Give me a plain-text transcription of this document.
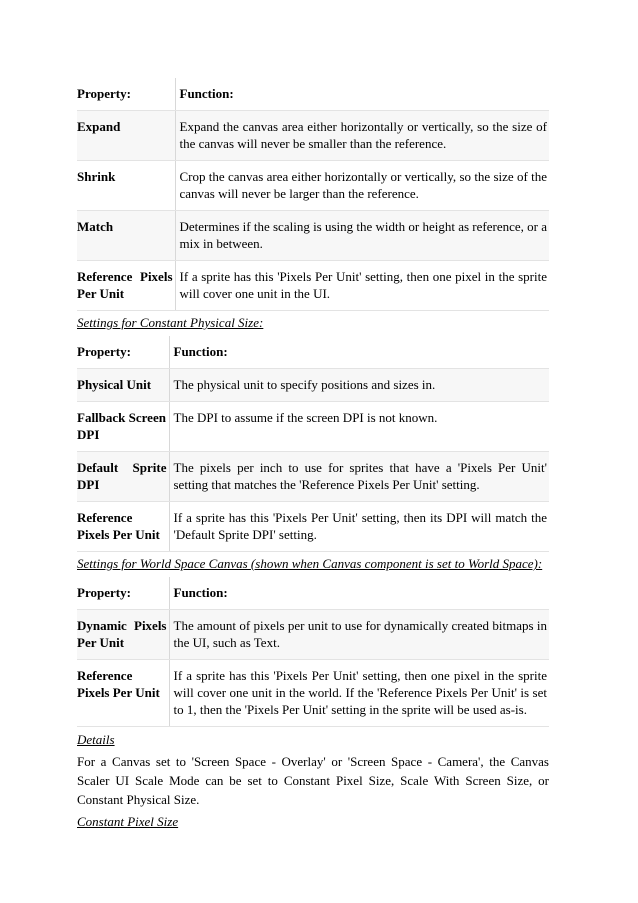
Property:	Function:
Expand	Expand the canvas area either horizontally or vertically, so the size of the canvas will never be smaller than the reference.
Shrink	Crop the canvas area either horizontally or vertically, so the size of the canvas will never be larger than the reference.
Match	Determines if the scaling is using the width or height as reference, or a mix in between.
Reference Pixels Per Unit	If a sprite has this 'Pixels Per Unit' setting, then one pixel in the sprite will cover one unit in the UI.
Settings for Constant Physical Size:
Property:	Function:
Physical Unit	The physical unit to specify positions and sizes in.
Fallback Screen DPI	The DPI to assume if the screen DPI is not known.
Default Sprite DPI	The pixels per inch to use for sprites that have a 'Pixels Per Unit' setting that matches the 'Reference Pixels Per Unit' setting.
Reference Pixels Per Unit	If a sprite has this 'Pixels Per Unit' setting, then its DPI will match the 'Default Sprite DPI' setting.
Settings for World Space Canvas (shown when Canvas component is set to World Space):
Property:	Function:
Dynamic Pixels Per Unit	The amount of pixels per unit to use for dynamically created bitmaps in the UI, such as Text.
Reference Pixels Per Unit	If a sprite has this 'Pixels Per Unit' setting, then one pixel in the sprite will cover one unit in the world. If the 'Reference Pixels Per Unit' is set to 1, then the 'Pixels Per Unit' setting in the sprite will be used as-is.
Details
For a Canvas set to 'Screen Space - Overlay' or 'Screen Space - Camera', the Canvas Scaler UI Scale Mode can be set to Constant Pixel Size, Scale With Screen Size, or Constant Physical Size.
Constant Pixel Size
